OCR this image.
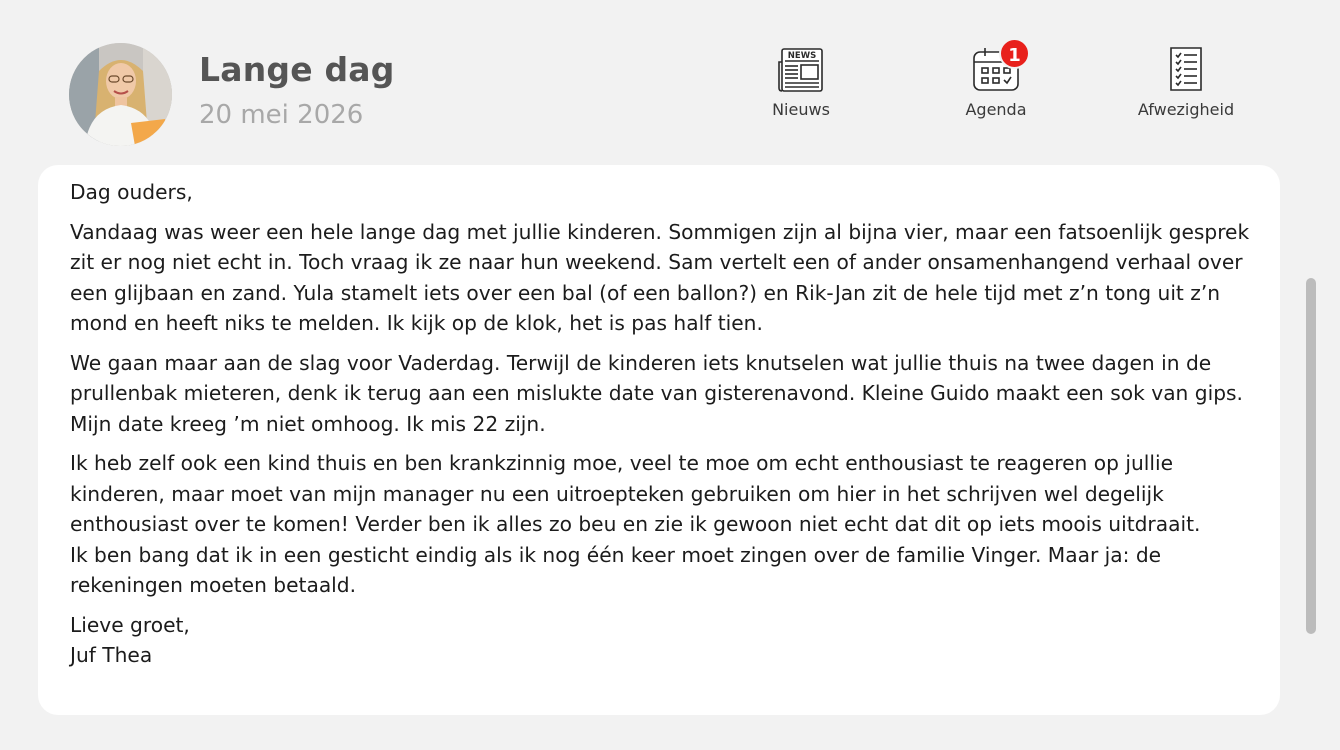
Lange dag
20 mei 2026
NEWS
Nieuws
1
Agenda	Afwezigheid

Dag ouders,

Vandaag was weer een hele lange dag met jullie kinderen. Sommigen zijn al bijna vier, maar een fatsoenlijk gesprek zit er nog niet echt in. Toch vraag ik ze naar hun weekend. Sam vertelt een of ander onsamenhangend verhaal over een glijbaan en zand. Yula stamelt iets over een bal (of een ballon?) en Rik-Jan zit de hele tijd met z’n tong uit z’n mond en heeft niks te melden. Ik kijk op de klok, het is pas half tien.

We gaan maar aan de slag voor Vaderdag. Terwijl de kinderen iets knutselen wat jullie thuis na twee dagen in de prullenbak mieteren, denk ik terug aan een mislukte date van gisterenavond. Kleine Guido maakt een sok van gips. Mijn date kreeg ’m niet omhoog. Ik mis 22 zijn.

Ik heb zelf ook een kind thuis en ben krankzinnig moe, veel te moe om echt enthousiast te reageren op jullie kinderen, maar moet van mijn manager nu een uitroepteken gebruiken om hier in het schrijven wel degelijk enthousiast over te komen! Verder ben ik alles zo beu en zie ik gewoon niet echt dat dit op iets moois uitdraait.

Ik ben bang dat ik in een gesticht eindig als ik nog één keer moet zingen over de familie Vinger. Maar ja: de rekeningen moeten betaald.

Lieve groet,

Juf Thea
